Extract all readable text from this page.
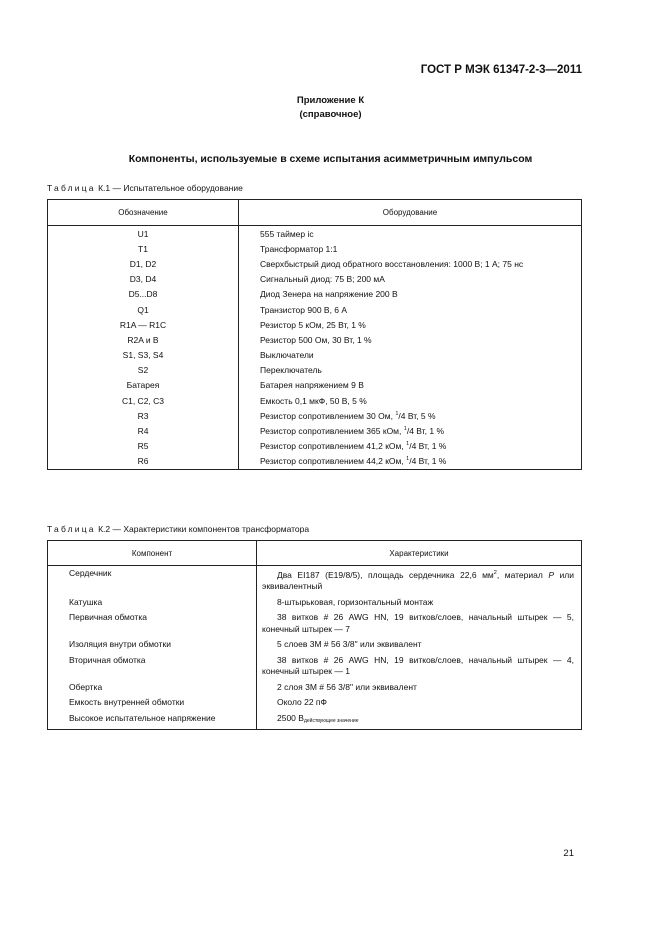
ГОСТ Р МЭК 61347-2-3—2011
Приложение К
(справочное)
Компоненты, используемые в схеме испытания асимметричным импульсом
Таблица К.1 — Испытательное оборудование
Обозначение	Оборудование
U1	555 таймер ic
T1	Трансформатор 1:1
D1, D2	Сверхбыстрый диод обратного восстановления: 1000 В; 1 А; 75 нс
D3, D4	Сигнальный диод: 75 В; 200 мА
D5...D8	Диод Зенера на напряжение 200 В
Q1	Транзистор 900 В, 6 А
R1A — R1C	Резистор 5 кОм, 25 Вт, 1 %
R2A и B	Резистор 500 Ом, 30 Вт, 1 %
S1, S3, S4	Выключатели
S2	Переключатель
Батарея	Батарея напряжением 9 В
C1, C2, C3	Емкость 0,1 мкФ, 50 В, 5 %
R3	Резистор сопротивлением 30 Ом, $^1$/4 Вт, 5 %
R4	Резистор сопротивлением 365 кОм, $^1$/4 Вт, 1 %
R5	Резистор сопротивлением 41,2 кОм, $^1$/4 Вт, 1 %
R6	Резистор сопротивлением 44,2 кОм, $^1$/4 Вт, 1 %
Таблица К.2 — Характеристики компонентов трансформатора
Компонент	Характеристики
Сердечник	Два EI187 (E19/8/5), площадь сердечника 22,6 $мм^2$, материал P или эквивалентный
Катушка	8-штырьковая, горизонтальный монтаж
Первичная обмотка	38 витков # 26 AWG HN, 19 витков/слоев, начальный штырек — 5, конечный штырек — 7
Изоляция внутри обмотки	5 слоев 3М # 56 3/8" или эквивалент
Вторичная обмотка	38 витков # 26 AWG HN, 19 витков/слоев, начальный штырек — 4, конечный штырек — 1
Обертка	2 слоя 3М # 56 3/8" или эквивалент
Емкость внутренней обмотки	Около 22 пФ
Высокое испытательное напряжение	2500 $В_{действующее значение}$
21
